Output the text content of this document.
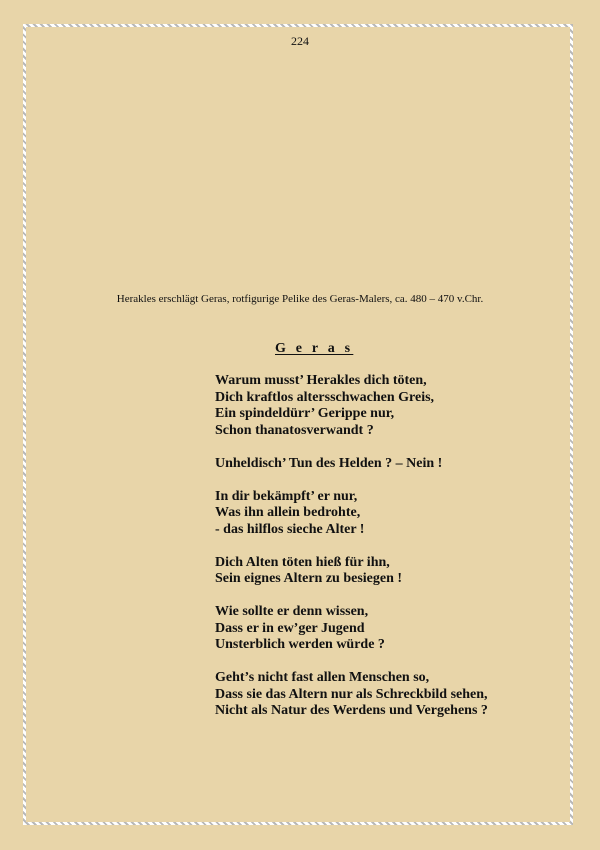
224
Herakles erschlägt Geras, rotfigurige Pelike des Geras-Malers, ca. 480 – 470 v.Chr.
G e r a s
Warum musst’ Herakles dich töten,
Dich kraftlos altersschwachen Greis,
Ein spindeldürr’ Gerippe nur,
Schon thanatosverwandt ?
Unheldisch’ Tun des Helden ? – Nein !
In dir bekämpft’ er nur,
Was ihn allein bedrohte,
- das hilflos sieche Alter !
Dich Alten töten hieß für ihn,
Sein eignes Altern zu besiegen !
Wie sollte er denn wissen,
Dass er in ew’ger Jugend
Unsterblich werden würde ?
Geht’s nicht fast allen Menschen so,
Dass sie das Altern nur als Schreckbild sehen,
Nicht als Natur des Werdens und Vergehens ?
